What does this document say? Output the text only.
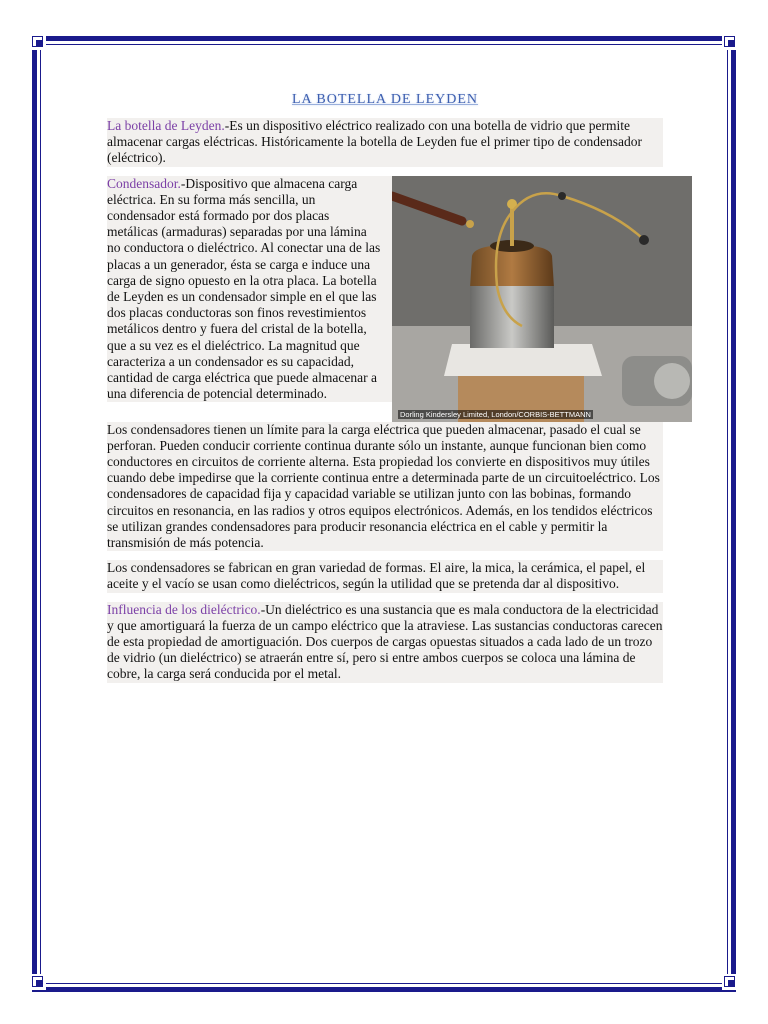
LA BOTELLA DE LEYDEN

La botella de Leyden.-Es un dispositivo eléctrico realizado con una botella de vidrio que permite almacenar cargas eléctricas. Históricamente la botella de Leyden fue el primer tipo de condensador (eléctrico).

Dorling Kindersley Limited, London/CORBIS-BETTMANN

Condensador.-Dispositivo que almacena carga eléctrica. En su forma más sencilla, un condensador está formado por dos placas metálicas (armaduras) separadas por una lámina no conductora o dieléctrico. Al conectar una de las placas a un generador, ésta se carga e induce una carga de signo opuesto en la otra placa. La botella de Leyden es un condensador simple en el que las dos placas conductoras son finos revestimientos metálicos dentro y fuera del cristal de la botella, que a su vez es el dieléctrico. La magnitud que caracteriza a un condensador es su capacidad, cantidad de carga eléctrica que puede almacenar a una diferencia de potencial determinado.

Los condensadores tienen un límite para la carga eléctrica que pueden almacenar, pasado el cual se perforan. Pueden conducir corriente continua durante sólo un instante, aunque funcionan bien como conductores en circuitos de corriente alterna. Esta propiedad los convierte en dispositivos muy útiles cuando debe impedirse que la corriente continua entre a determinada parte de un circuitoeléctrico. Los condensadores de capacidad fija y capacidad variable se utilizan junto con las bobinas, formando circuitos en resonancia, en las radios y otros equipos electrónicos. Además, en los tendidos eléctricos se utilizan grandes condensadores para producir resonancia eléctrica en el cable y permitir la transmisión de más potencia.

Los condensadores se fabrican en gran variedad de formas. El aire, la mica, la cerámica, el papel, el aceite y el vacío se usan como dieléctricos, según la utilidad que se pretenda dar al dispositivo.

Influencia de los dieléctrico.-Un dieléctrico es una sustancia que es mala conductora de la electricidad y que amortiguará la fuerza de un campo eléctrico que la atraviese. Las sustancias conductoras carecen de esta propiedad de amortiguación. Dos cuerpos de cargas opuestas situados a cada lado de un trozo de vidrio (un dieléctrico) se atraerán entre sí, pero si entre ambos cuerpos se coloca una lámina de cobre, la carga será conducida por el metal.
